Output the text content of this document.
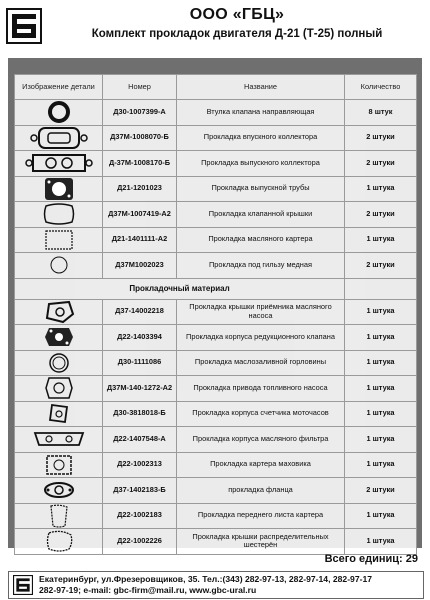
ООО «ГБЦ»
Комплект прокладок двигателя Д-21 (Т-25) полный
Изображение детали	Номер	Название	Количество

	Д30-1007399-А	Втулка клапана направляющая	8 штук

	Д37М-1008070-Б	Прокладка впускного коллектора	2 штуки

	Д-37М-1008170-Б	Прокладка выпускного коллектора	2 штуки

	Д21-1201023	Прокладка выпускной трубы	1 штука

	Д37М-1007419-А2	Прокладка клапанной крышки	2 штуки

	Д21-1401111-А2	Прокладка масляного картера	1 штука

	Д37М1002023	Прокладка под гильзу медная	2 штуки
Прокладочный материал			

	Д37-14002218	Прокладка крышки приёмника масляного насоса	1 штука

	Д22-1403394	Прокладка корпуса редукционного клапана	1 штука

	Д30-1111086	Прокладка маслозаливной горловины	1 штука

	Д37М-140-1272-А2	Прокладка привода топливного насоса	1 штука

	Д30-3818018-Б	Прокладка корпуса счетчика моточасов	1 штука

	Д22-1407548-А	Прокладка корпуса масляного фильтра	1 штука

	Д22-1002313	Прокладка картера маховика	1 штука

	Д37-1402183-Б	прокладка фланца	2 штуки

	Д22-1002183	Прокладка переднего листа картера	1 штука

	Д22-1002226	Прокладка крышки распределительных шестерён	1 штука
Всего единиц: 29
Екатеринбург, ул.Фрезеровщиков, 35. Тел.:(343) 282-97-13, 282-97-14, 282-97-17
282-97-19; e-mail: gbc-firm@mail.ru, www.gbc-ural.ru
